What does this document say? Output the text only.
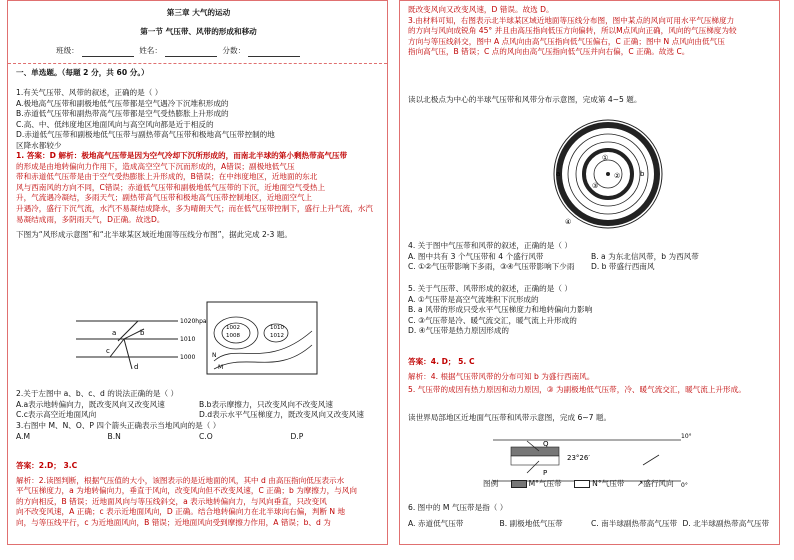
第三章 大气的运动
第一节 气压带、风带的形成和移动
班级：	姓名：	分数：
一、单选题。（每题 2 分，共 60 分。）
1.有关气压带、风带的叙述，正确的是（ ）
A.极地高气压带和副极地低气压带都是空气遇冷下沉堆积形成的
B.赤道低气压带和副热带高气压带都是空气受热膨胀上升形成的
C.高、中、低纬度地区地面风向与高空风向都是近于相反的
D.赤道低气压带和副极地低气压带与副热带高气压带和极地高气压带控制的地
区降水都较少
1. 答案：D 解析：极地高气压带是因为空气冷却下沉所形成的，而南北半球的第小剩热带高气压带
的形成是由地转偏向力作用下，造成高空空气下沉而形成的，A错误；副极地低气压
带和赤道低气压带是由于空气受热膨胀上升形成的，B错误；在中纬度地区，近地面的东北
风与西南风的方向不同，C错误；赤道低气压带和副极地低气压带的下沉，近地面空气受热上
升，气流遇冷凝结，多雨天气；副热带高气压带和极地高气压带控制地区，近地面空气上
升遇冷，盛行下沉气流，水汽不易凝结成降水，多为晴朗天气；而在低气压带控制下，盛行上升气流，水汽
易凝结成雨，多阴雨天气，D正确。故选D。
下图为“风形成示意图”和“北半球某区域近地面等压线分布图”，据此完成 2-3 题。
1020hpa
1010
1000
a	b
c
d
1002
1008
1010
1012
N
M
2.关于左图中 a、b、c、d 的说法正确的是（ ）
A.a表示地转偏向力，既改变风向又改变风速	B.b表示摩擦力，只改变风向不改变风速
C.c表示高空近地面风向	D.d表示水平气压梯度力，既改变风向又改变风速
3.右图中 M、N、O、P 四个箭头正确表示当地风向的是（ ）
A.M	B.N	C.O	D.P
答案：2.D； 3.C
解析：2.读图判断，根据气压值的大小，该图表示的是近地面的风，其中 d 由高压指向低压表示水
平气压梯度力，a 为地转偏向力，垂直于风向，改变风向但不改变风速，C 正确；b 为摩擦力，与风向
的方向相反，B 错误；近地面风向与等压线斜交，a 表示地转偏向力，与风向垂直，只改变风
向不改变风速，A 正确；c 表示近地面风向，D 正确。结合地转偏向力在北半球向右偏，判断 N 地
向，与等压线平行，c 为近地面风向，B 错误；近地面风向受到摩擦力作用，A 错误；b、d 为
既改变风向又改变风速，D 错误。故选 D。
3.由材料可知，右图表示北半球某区域近地面等压线分布图，图中某点的风向可用水平气压梯度力
的方向与风向成锐角 45° 并且由高压指向低压方向偏转，所以M点风向正确，风向的气压梯度为较
方向与等压线斜交，图中 A 点风向由高气压指向低气压偏右，C 正确；图中 N 点风向由低气压
指向高气压，B 错误；C 点的风向由高气压指向低气压并向右偏，C 正确。故选 C。
读以北极点为中心的半球气压带和风带分布示意图，完成第 4~5 题。
①
②
③
④
a	b
4. 关于图中气压带和风带的叙述，正确的是（ ）
A. 图中共有 3 个气压带和 4 个盛行风带	B. a 为东北信风带，b 为西风带
C. ①②气压带影响下多雨，③④气压带影响下少雨	D. b 带盛行西南风
5. 关于气压带、风带形成的叙述，正确的是（ ）
A. ①气压带是高空气流堆积下沉形成的
B. a 风带的形成只受水平气压梯度力和地转偏向力影响
C. ③气压带是冷、暖气流交汇，暖气流上升形成的
D. ④气压带是热力原因形成的
答案：4. D； 5. C
解析：4. 根据气压带风带的分布可知 b 为盛行西南风。
5. 气压带的成因有热力原因和动力原因，③ 为副极地低气压带，冷、暖气流交汇，暖气流上升形成。
读世界局部地区近地面气压带和风带示意图，完成 6~7 题。
Q
P
23°26′
10°
0°
图例	M°气压带	N°气压带 ↗盛行风向
6. 图中的 M 气压带是指（ ）
A. 赤道低气压带	B. 副极地低气压带	C. 南半球副热带高气压带 D. 北半球副热带高气压带
